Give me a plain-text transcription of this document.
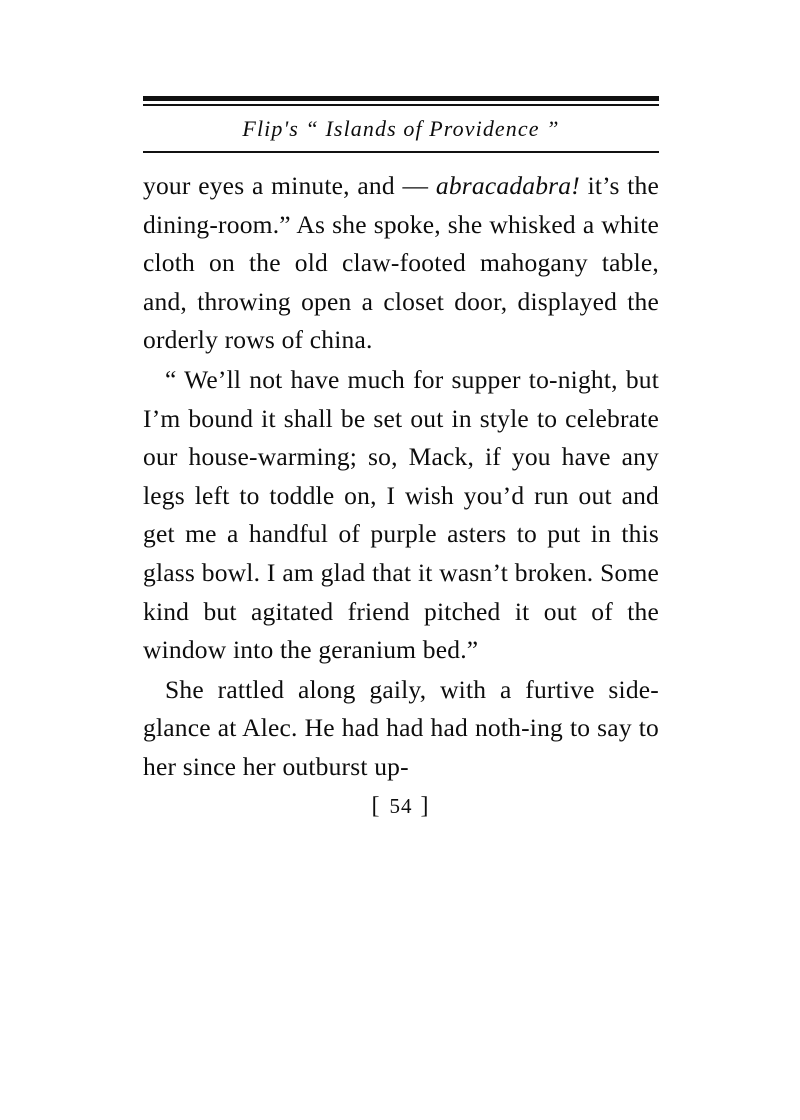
Flip's “ Islands of Providence ”

your eyes a minute, and — abracadabra! it’s the dining-room.” As she spoke, she whisked a white cloth on the old claw-footed mahogany table, and, throwing open a closet door, displayed the orderly rows of china.

“ We’ll not have much for supper to-night, but I’m bound it shall be set out in style to celebrate our house-warming; so, Mack, if you have any legs left to toddle on, I wish you’d run out and get me a handful of purple asters to put in this glass bowl. I am glad that it wasn’t broken. Some kind but agitated friend pitched it out of the window into the geranium bed.”

She rattled along gaily, with a furtive side-glance at Alec. He had had had noth-ing to say to her since her outburst up-

[ 54 ]
